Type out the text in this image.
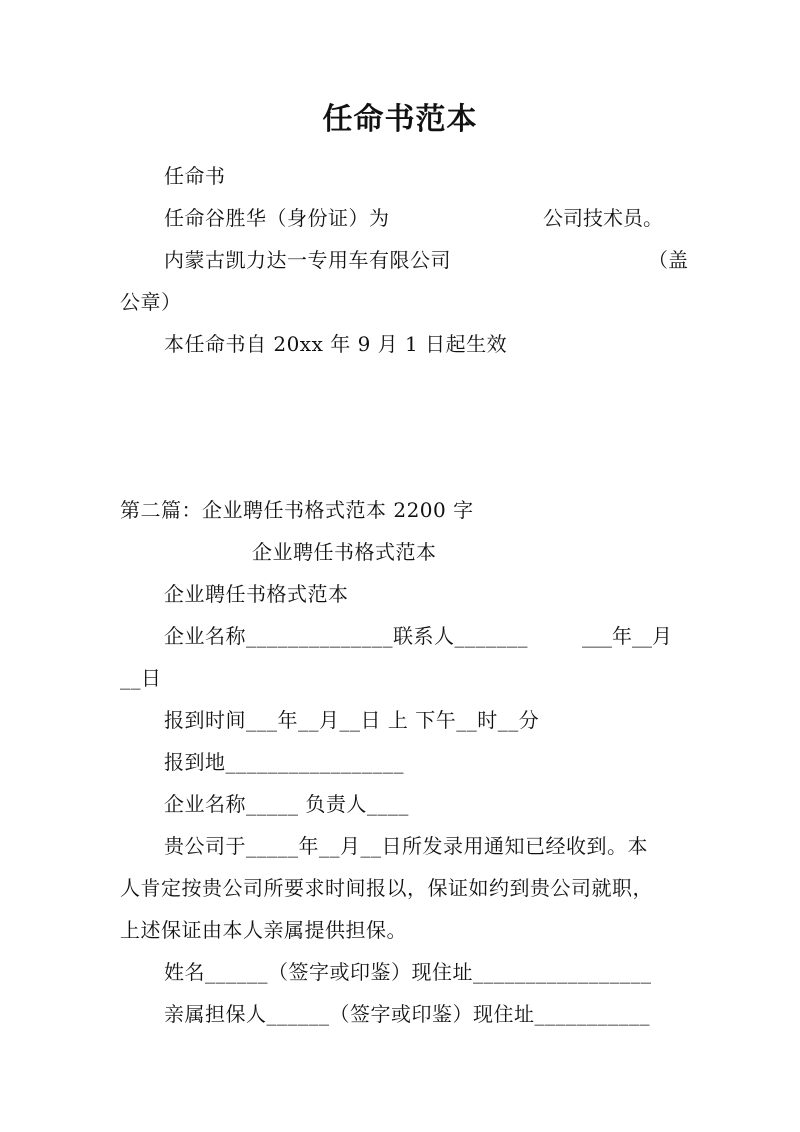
任命书范本
任命书
任命谷胜华（身份证）为	公司技术员。
内蒙古凯力达一专用车有限公司	（盖
公章）
本任命书自 20xx 年 9 月 1 日起生效
第二篇：企业聘任书格式范本 2200 字
企业聘任书格式范本
企业聘任书格式范本
企业名称______________联系人_______	___年__月
__日
报到时间___年__月__日 上 下午__时__分
报到地_________________
企业名称_____ 负责人____
贵公司于_____年__月__日所发录用通知已经收到。本
人肯定按贵公司所要求时间报以，保证如约到贵公司就职，
上述保证由本人亲属提供担保。
姓名______（签字或印鉴）现住址_________________
亲属担保人______（签字或印鉴）现住址___________
